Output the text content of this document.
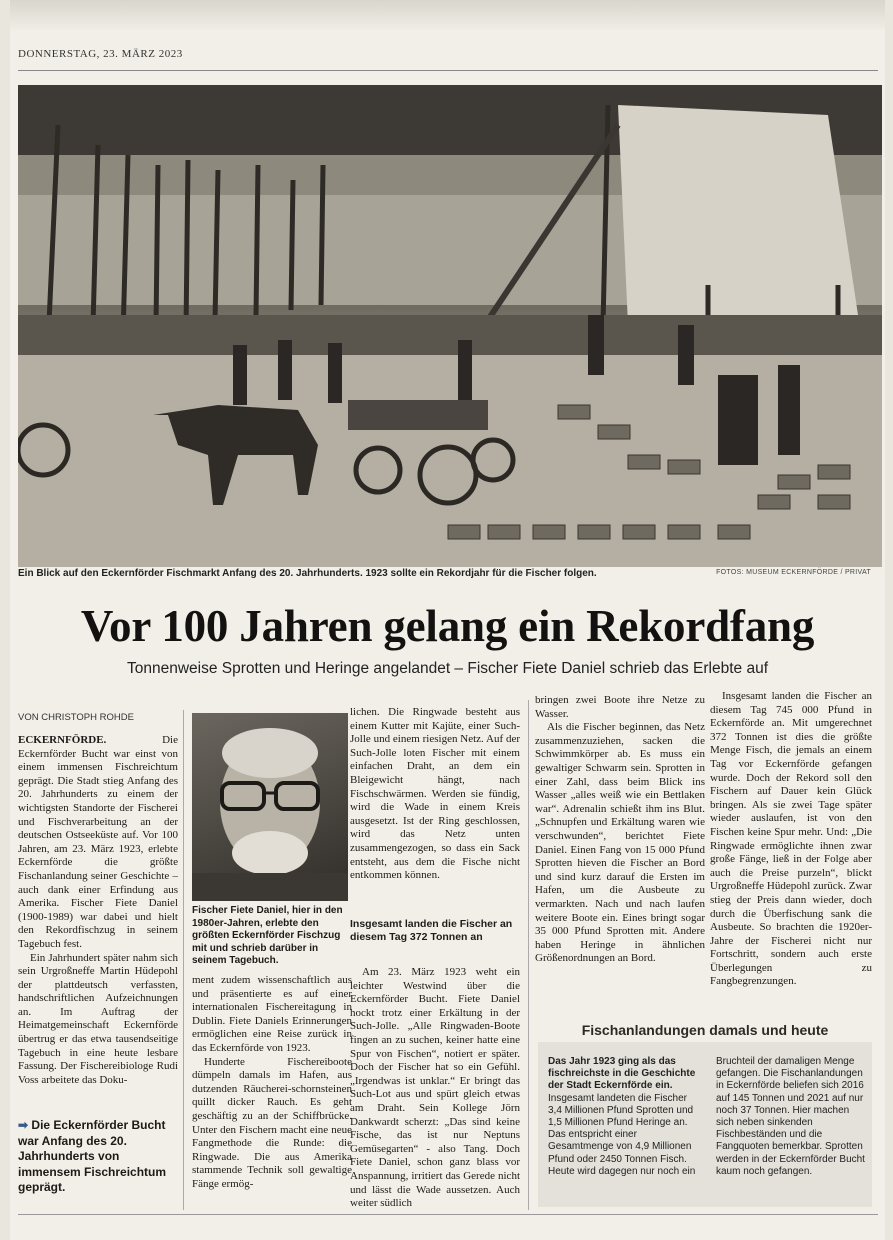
DONNERSTAG, 23. MÄRZ 2023
Ein Blick auf den Eckernförder Fischmarkt Anfang des 20. Jahrhunderts. 1923 sollte ein Rekordjahr für die Fischer folgen.	FOTOS: MUSEUM ECKERNFÖRDE / PRIVAT
Vor 100 Jahren gelang ein Rekordfang
Tonnenweise Sprotten und Heringe angelandet – Fischer Fiete Daniel schrieb das Erlebte auf
VON CHRISTOPH ROHDE

ECKERNFÖRDE. Die Eckernförder Bucht war einst von einem immensen Fischreichtum geprägt. Die Stadt stieg Anfang des 20. Jahrhunderts zu einem der wichtigsten Standorte der Fischerei und Fischverarbeitung an der deutschen Ostseeküste auf. Vor 100 Jahren, am 23. März 1923, erlebte Eckernförde die größte Fischanlandung seiner Geschichte – auch dank einer Erfindung aus Amerika. Fischer Fiete Daniel (1900-1989) war dabei und hielt den Rekordfischzug in seinem Tagebuch fest.

Ein Jahrhundert später nahm sich sein Urgroßneffe Martin Hüdepohl der plattdeutsch verfassten, handschriftlichen Aufzeichnungen an. Im Auftrag der Heimatgemeinschaft Eckernförde übertrug er das etwa tausendseitige Tagebuch in eine heute lesbare Fassung. Der Fischereibiologe Rudi Voss arbeitete das Doku-

➡ Die Eckernförder Bucht war Anfang des 20. Jahrhunderts von immensem Fischreichtum geprägt.

ment zudem wissenschaftlich aus und präsentierte es auf einer internationalen Fischereitagung in Dublin. Fiete Daniels Erinnerungen ermöglichen eine Reise zurück in das Eckernförde von 1923.

Hunderte Fischereiboote dümpeln damals im Hafen, aus dutzenden Räucherei-schornsteinen quillt dicker Rauch. Es geht geschäftig zu an der Schiffbrücke. Unter den Fischern macht eine neue Fangmethode die Runde: die Ringwade. Die aus Amerika stammende Technik soll gewaltige Fänge ermög-

Fischer Fiete Daniel, hier in den 1980er-Jahren, erlebte den größten Eckernförder Fischzug mit und schrieb darüber in seinem Tagebuch.

lichen. Die Ringwade besteht aus einem Kutter mit Kajüte, einer Such-Jolle und einem riesigen Netz. Auf der Such-Jolle loten Fischer mit einem einfachen Draht, an dem ein Bleigewicht hängt, nach Fischschwärmen. Werden sie fündig, wird die Wade in einem Kreis ausgesetzt. Ist der Ring geschlossen, wird das Netz unten zusammengezogen, so dass ein Sack entsteht, aus dem die Fische nicht entkommen können.

Insgesamt landen die Fischer an diesem Tag 372 Tonnen an

Am 23. März 1923 weht ein leichter Westwind über die Eckernförder Bucht. Fiete Daniel hockt trotz einer Erkältung in der Such-Jolle. „Alle Ringwaden-Boote fingen an zu suchen, keiner hatte eine Spur von Fischen“, notiert er später. Doch der Fischer hat so ein Gefühl. „Irgendwas ist unklar.“ Er bringt das Such-Lot aus und spürt gleich etwas am Draht. Sein Kollege Jörn Dankwardt scherzt: „Das sind keine Fische, das ist nur Neptuns Gemüsegarten“ - also Tang. Doch Fiete Daniel, schon ganz blass vor Anspannung, irritiert das Gerede nicht und lässt die Wade aussetzen. Auch weiter südlich

bringen zwei Boote ihre Netze zu Wasser.

Als die Fischer beginnen, das Netz zusammenzuziehen, sacken die Schwimmkörper ab. Es muss ein gewaltiger Schwarm sein. Sprotten in einer Zahl, dass beim Blick ins Wasser „alles weiß wie ein Bettlaken war“. Adrenalin schießt ihm ins Blut. „Schnupfen und Erkältung waren wie verschwunden“, berichtet Fiete Daniel. Einen Fang von 15 000 Pfund Sprotten hieven die Fischer an Bord und sind kurz darauf die Ersten im Hafen, um die Ausbeute zu vermarkten. Nach und nach laufen weitere Boote ein. Eines bringt sogar 35 000 Pfund Sprotten mit. Andere haben Heringe in ähnlichen Größenordnungen an Bord.

Insgesamt landen die Fischer an diesem Tag 745 000 Pfund in Eckernförde an. Mit umgerechnet 372 Tonnen ist dies die größte Menge Fisch, die jemals an einem Tag vor Eckernförde gefangen wurde. Doch der Rekord soll den Fischern auf Dauer kein Glück bringen. Als sie zwei Tage später wieder auslaufen, ist von den Fischen keine Spur mehr. Und: „Die Ringwade ermöglichte ihnen zwar große Fänge, ließ in der Folge aber auch die Preise purzeln“, blickt Urgroßneffe Hüdepohl zurück. Zwar stieg der Preis dann wieder, doch durch die Überfischung sank die Ausbeute. So brachten die 1920er-Jahre der Fischerei nicht nur Fortschritt, sondern auch erste Überlegungen zu Fangbegrenzungen.

Fischanlandungen damals und heute
Das Jahr 1923 ging als das fischreichste in die Geschichte der Stadt Eckernförde ein. Insgesamt landeten die Fischer 3,4 Millionen Pfund Sprotten und 1,5 Millionen Pfund Heringe an. Das entspricht einer Gesamtmenge von 4,9 Millionen Pfund oder 2450 Tonnen Fisch. Heute wird dagegen nur noch ein
Bruchteil der damaligen Menge gefangen. Die Fischanlandungen in Eckernförde beliefen sich 2016 auf 145 Tonnen und 2021 auf nur noch 37 Tonnen. Hier machen sich neben sinkenden Fischbeständen und die Fangquoten bemerkbar. Sprotten werden in der Eckernförder Bucht kaum noch gefangen.
